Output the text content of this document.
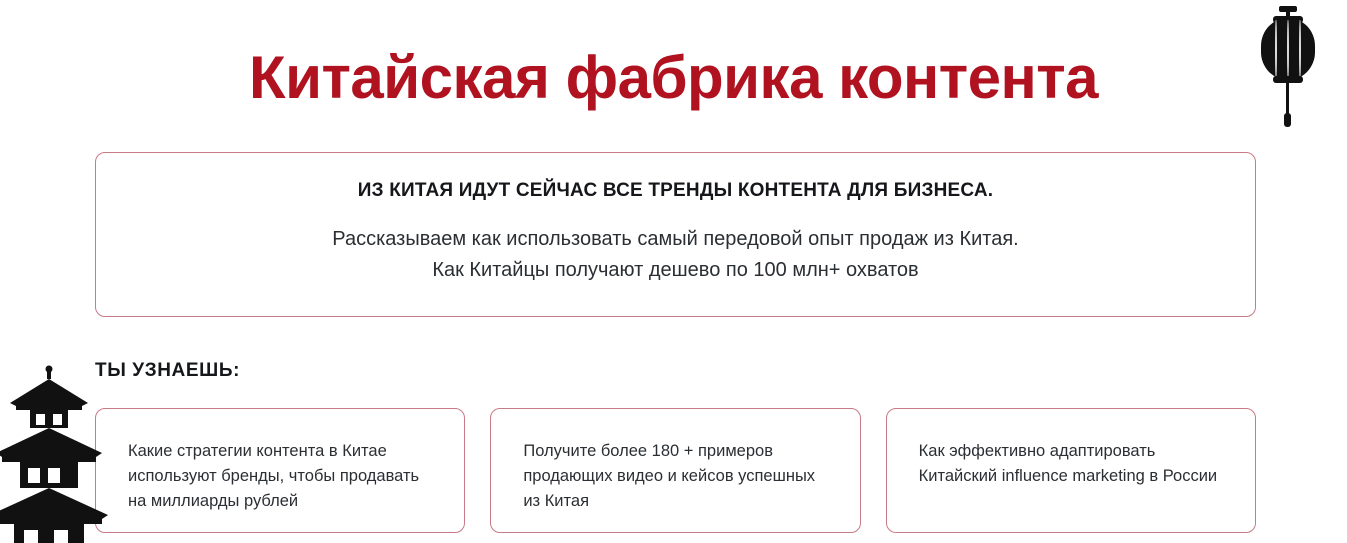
Китайская фабрика контента
ИЗ КИТАЯ ИДУТ СЕЙЧАС ВСЕ ТРЕНДЫ КОНТЕНТА ДЛЯ БИЗНЕСА.
Рассказываем как использовать самый передовой опыт продаж из Китая.
Как Китайцы получают дешево по 100 млн+ охватов
ТЫ УЗНАЕШЬ:
Какие стратегии контента в Китае используют бренды, чтобы продавать на миллиарды рублей
Получите более 180 + примеров продающих видео и кейсов успешных из Китая
Как эффективно адаптировать Китайский influence marketing в России
